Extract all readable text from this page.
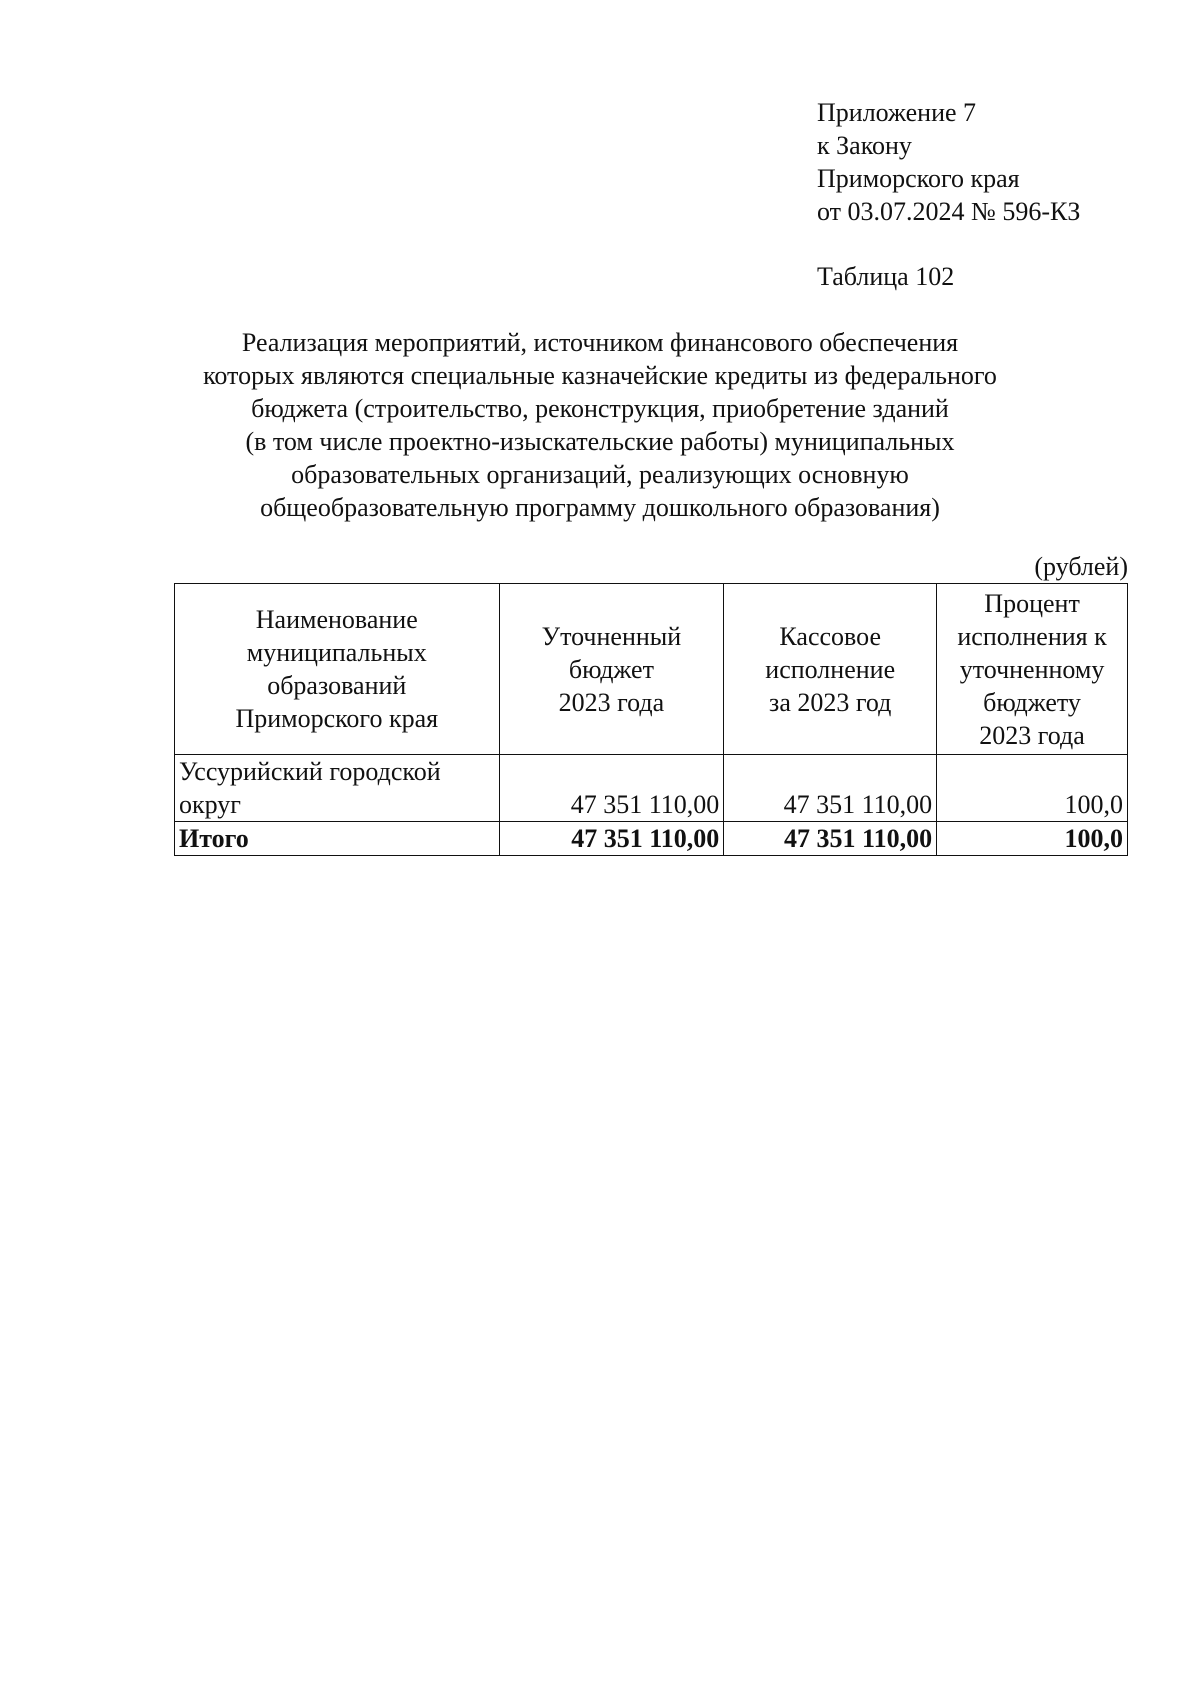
Приложение 7
к Закону
Приморского края
от 03.07.2024 № 596-КЗ
Таблица 102
Реализация мероприятий, источником финансового обеспечения
которых являются специальные казначейские кредиты из федерального
бюджета (строительство, реконструкция, приобретение зданий
(в том числе проектно-изыскательские работы) муниципальных
образовательных организаций, реализующих основную
общеобразовательную программу дошкольного образования)
(рублей)
Наименование
муниципальных
образований
Приморского края	Уточненный
бюджет
2023 года	Кассовое
исполнение
за 2023 год	Процент
исполнения к
уточненному
бюджету
2023 года

Уссурийский городской
округ	47 351 110,00	47 351 110,00	100,0
Итого	47 351 110,00	47 351 110,00	100,0
